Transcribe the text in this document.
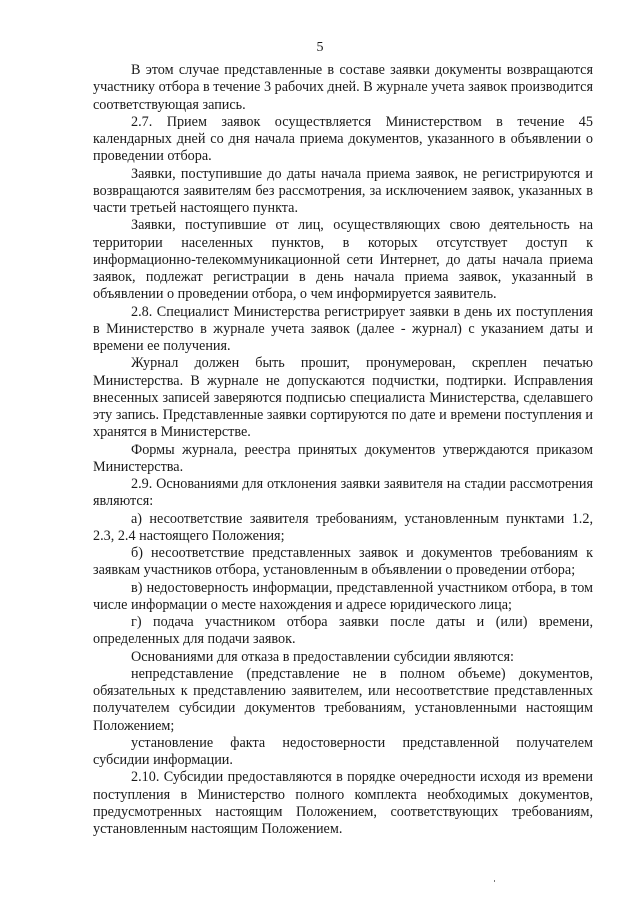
5

В этом случае представленные в составе заявки документы возвращаются участнику отбора в течение 3 рабочих дней. В журнале учета заявок производится соответствующая запись.

2.7. Прием заявок осуществляется Министерством в течение 45 календарных дней со дня начала приема документов, указанного в объявлении о проведении отбора.

Заявки, поступившие до даты начала приема заявок, не регистрируются и возвращаются заявителям без рассмотрения, за исключением заявок, указанных в части третьей настоящего пункта.

Заявки, поступившие от лиц, осуществляющих свою деятельность на территории населенных пунктов, в которых отсутствует доступ к информационно-телекоммуникационной сети Интернет, до даты начала приема заявок, подлежат регистрации в день начала приема заявок, указанный в объявлении о проведении отбора, о чем информируется заявитель.

2.8. Специалист Министерства регистрирует заявки в день их поступления в Министерство в журнале учета заявок (далее - журнал) с указанием даты и времени ее получения.

Журнал должен быть прошит, пронумерован, скреплен печатью Министерства. В журнале не допускаются подчистки, подтирки. Исправления внесенных записей заверяются подписью специалиста Министерства, сделавшего эту запись. Представленные заявки сортируются по дате и времени поступления и хранятся в Министерстве.

Формы журнала, реестра принятых документов утверждаются приказом Министерства.

2.9. Основаниями для отклонения заявки заявителя на стадии рассмотрения являются:

а) несоответствие заявителя требованиям, установленным пунктами 1.2, 2.3, 2.4 настоящего Положения;

б) несоответствие представленных заявок и документов требованиям к заявкам участников отбора, установленным в объявлении о проведении отбора;

в) недостоверность информации, представленной участником отбора, в том числе информации о месте нахождения и адресе юридического лица;

г) подача участником отбора заявки после даты и (или) времени, определенных для подачи заявок.

Основаниями для отказа в предоставлении субсидии являются:

непредставление (представление не в полном объеме) документов, обязательных к представлению заявителем, или несоответствие представленных получателем субсидии документов требованиям, установленными настоящим Положением;

установление факта недостоверности представленной получателем субсидии информации.

2.10. Субсидии предоставляются в порядке очередности исходя из времени поступления в Министерство полного комплекта необходимых документов, предусмотренных настоящим Положением, соответствующих требованиям, установленным настоящим Положением.
